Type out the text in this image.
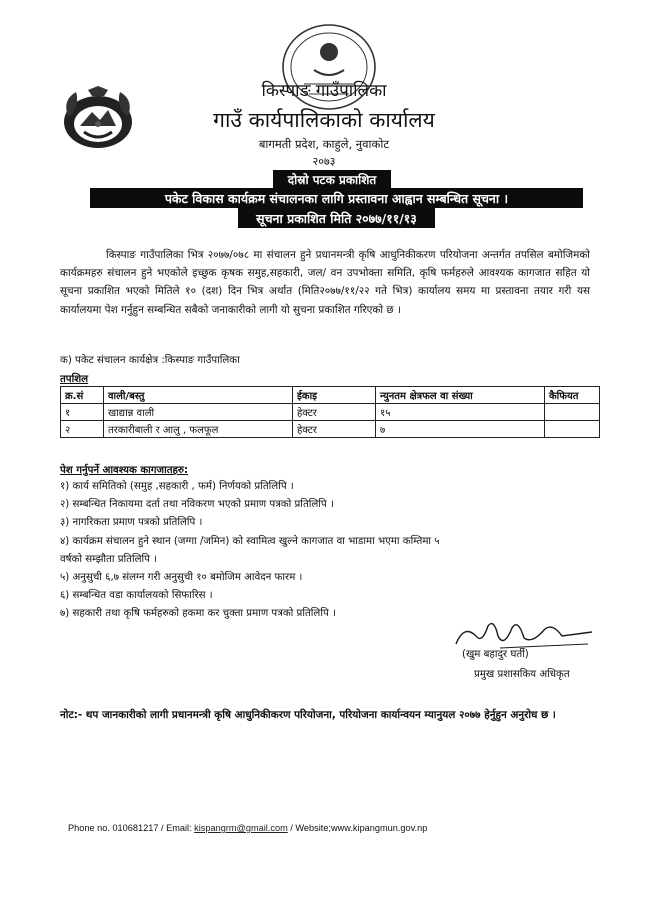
किस्पाङ गाउँपालिका
गाउँ कार्यपालिकाको कार्यालय
बागमती प्रदेश, काहुले, नुवाकोट
२०७३
दोस्रो पटक प्रकाशित
पकेट विकास कार्यक्रम संचालनका लागि प्रस्तावना आह्वान सम्बन्धित सूचना ।
सूचना प्रकाशित मिति २०७७/११/१३
किस्पाङ गाउँपालिका भित्र २०७७/०७८ मा संचालन हुने प्रधानमन्त्री कृषि आधुनिकीकरण परियोजना अन्तर्गत तपसिल बमोजिमको कार्यक्रमहरु संचालन हुने भएकोले इच्छुक कृषक समुह,सहकारी, जल/ वन उपभोक्ता समिति, कृषि फर्महरुले आवश्यक कागजात सहित यो सूचना प्रकाशित भएको मितिले १० (दश) दिन भित्र अर्थात (मिति२०७७/११/२२ गते भित्र) कार्यालय समय मा प्रस्तावना तयार गरी यस कार्यालयमा पेश गर्नुहुन सम्बन्धित सबैको जनाकारीको लागी यो सुचना प्रकाशित गरिएको छ ।
क) पकेट संचालन कार्यक्षेत्र :किस्पाङ गाउँपालिका
तपशिल
क्र.सं	वाली/बस्तु	ईकाइ	न्युनतम क्षेत्रफल वा संख्या	कैफियत
१	खाद्यान्न वाली	हेक्टर	१५	
२	तरकारीबाली र आलु , फलफूल	हेक्टर	७	
पेश गर्नुपर्ने आवश्यक कागजातहरु:
१) कार्य समितिको (समुह ,सहकारी , फर्म) निर्णयको प्रतिलिपि ।
२) सम्बन्धित निकायमा दर्ता तथा नविकरण भएको प्रमाण पत्रको प्रतिलिपि ।
३) नागरिकता प्रमाण पत्रको प्रतिलिपि ।
४) कार्यक्रम संचालन हुने स्थान (जग्गा /जमिन) को स्वामित्व खुल्ने कागजात वा भाडामा भएमा कम्तिमा ५
वर्षको सम्झौता प्रतिलिपि ।
५) अनुसुची ६,७ संलग्न गरी अनुसुची १० बमोजिम आवेदन फारम ।
६) सम्बन्धित वडा कार्यालयको सिफारिस ।
७) सहकारी तथा कृषि फर्महरुको हकमा कर चुक्ता प्रमाण पत्रको प्रतिलिपि ।
(खुम बहादुर घर्ती)
प्रमुख प्रशासकिय अधिकृत
नोट:- थप जानकारीको लागी प्रधानमन्त्री कृषि आधुनिकीकरण परियोजना, परियोजना कार्यान्वयन म्यानुयल २०७७ हेर्नुहुन अनुरोध छ ।
Phone no. 010681217 / Email: kispangrm@gmail.com / Website;www.kipangmun.gov.np
